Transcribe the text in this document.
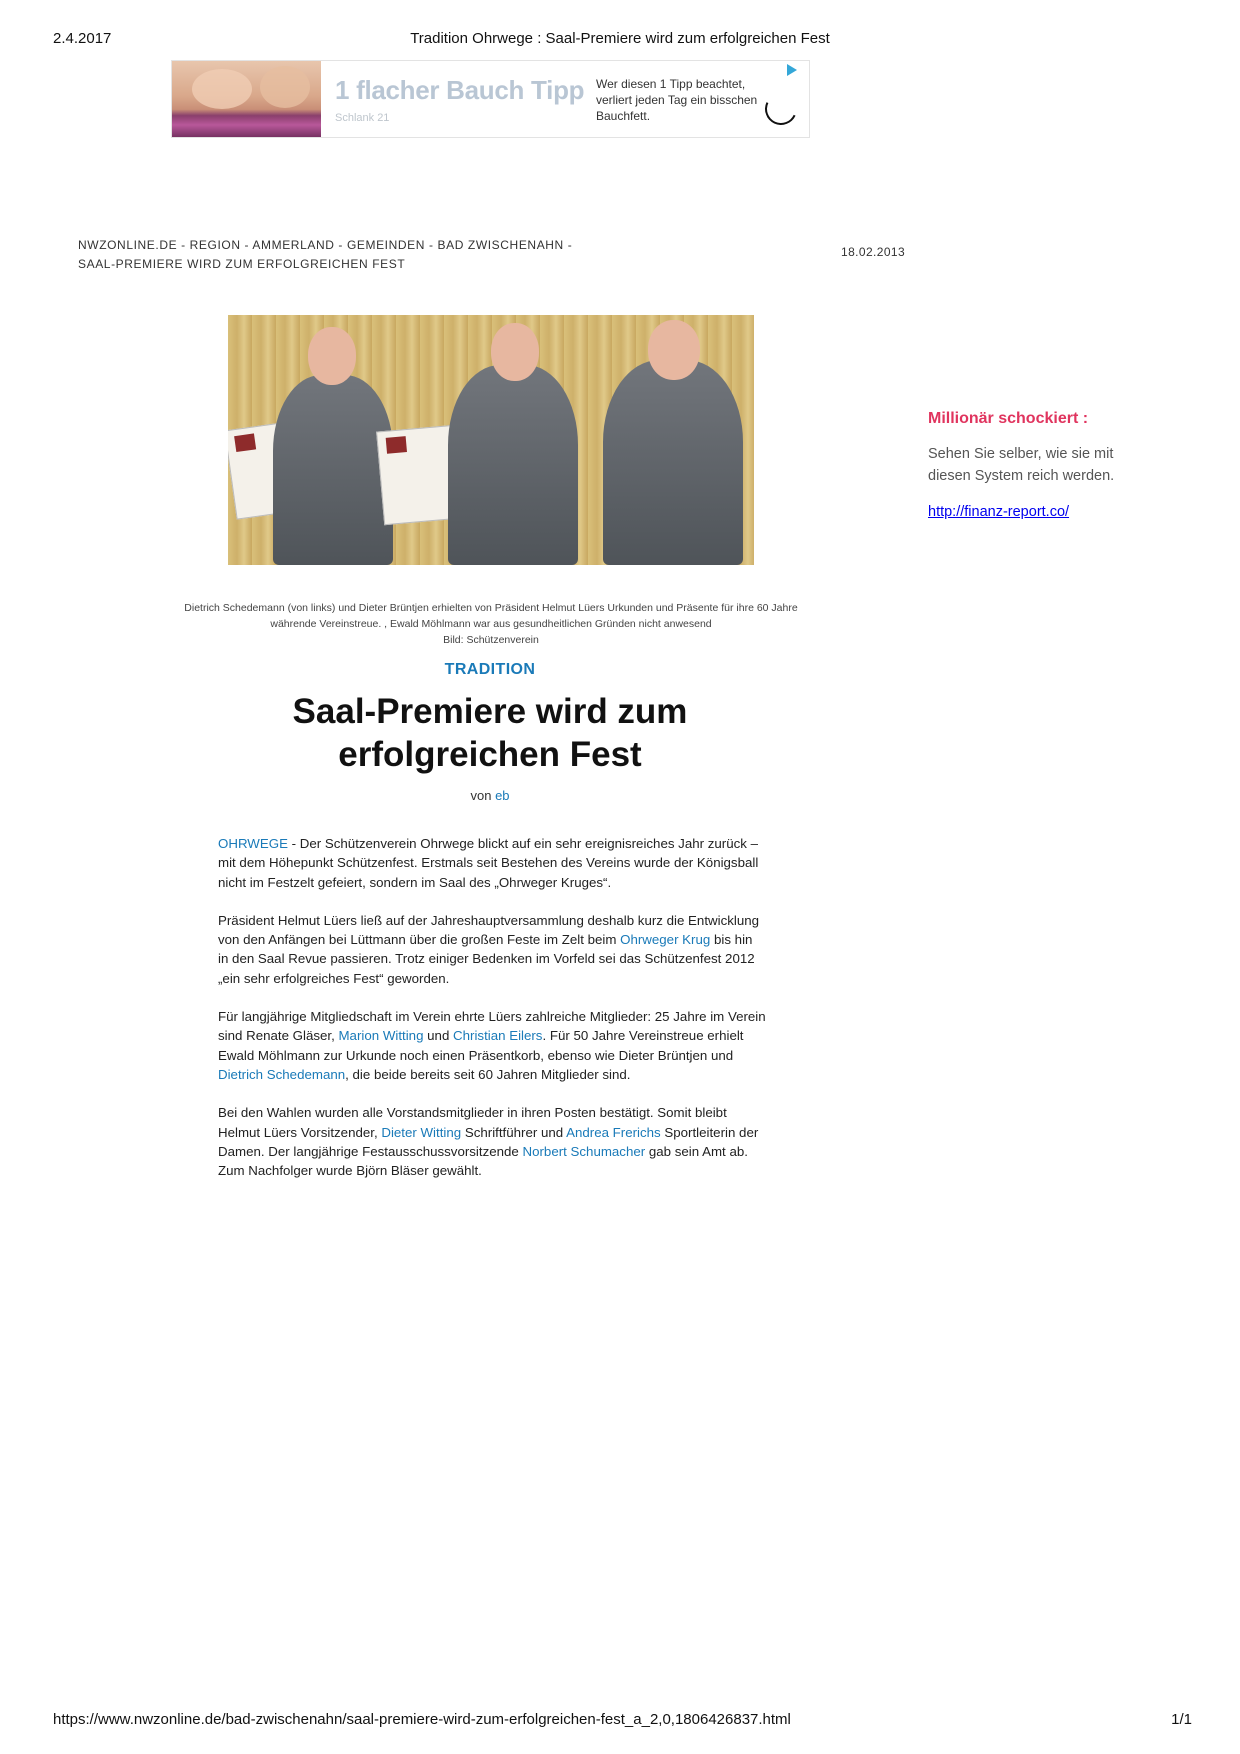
2.4.2017	Tradition Ohrwege : Saal-Premiere wird zum erfolgreichen Fest
1 flacher Bauch Tipp
Schlank 21
Wer diesen 1 Tipp beachtet, verliert jeden Tag ein bisschen Bauchfett.
NWZONLINE.DE - REGION - AMMERLAND - GEMEINDEN - BAD ZWISCHENAHN - SAAL-PREMIERE WIRD ZUM ERFOLGREICHEN FEST
18.02.2013
Dietrich Schedemann (von links) und Dieter Brüntjen erhielten von Präsident Helmut Lüers Urkunden und Präsente für ihre 60 Jahre währende Vereinstreue. , Ewald Möhlmann war aus gesundheitlichen Gründen nicht anwesend
Bild: Schützenverein
TRADITION
Saal-Premiere wird zum erfolgreichen Fest
von eb

OHRWEGE - Der Schützenverein Ohrwege blickt auf ein sehr ereignisreiches Jahr zurück – mit dem Höhepunkt Schützenfest. Erstmals seit Bestehen des Vereins wurde der Königsball nicht im Festzelt gefeiert, sondern im Saal des „Ohrweger Kruges“.

Präsident Helmut Lüers ließ auf der Jahreshauptversammlung deshalb kurz die Entwicklung von den Anfängen bei Lüttmann über die großen Feste im Zelt beim Ohrweger Krug bis hin in den Saal Revue passieren. Trotz einiger Bedenken im Vorfeld sei das Schützenfest 2012 „ein sehr erfolgreiches Fest“ geworden.

Für langjährige Mitgliedschaft im Verein ehrte Lüers zahlreiche Mitglieder: 25 Jahre im Verein sind Renate Gläser, Marion Witting und Christian Eilers. Für 50 Jahre Vereinstreue erhielt Ewald Möhlmann zur Urkunde noch einen Präsentkorb, ebenso wie Dieter Brüntjen und Dietrich Schedemann, die beide bereits seit 60 Jahren Mitglieder sind.

Bei den Wahlen wurden alle Vorstandsmitglieder in ihren Posten bestätigt. Somit bleibt Helmut Lüers Vorsitzender, Dieter Witting Schriftführer und Andrea Frerichs Sportleiterin der Damen. Der langjährige Festausschussvorsitzende Norbert Schumacher gab sein Amt ab. Zum Nachfolger wurde Björn Bläser gewählt.

Millionär schockiert :
Sehen Sie selber, wie sie mit diesen System reich werden.
http://finanz-report.co/
https://www.nwzonline.de/bad-zwischenahn/saal-premiere-wird-zum-erfolgreichen-fest_a_2,0,1806426837.html	1/1
